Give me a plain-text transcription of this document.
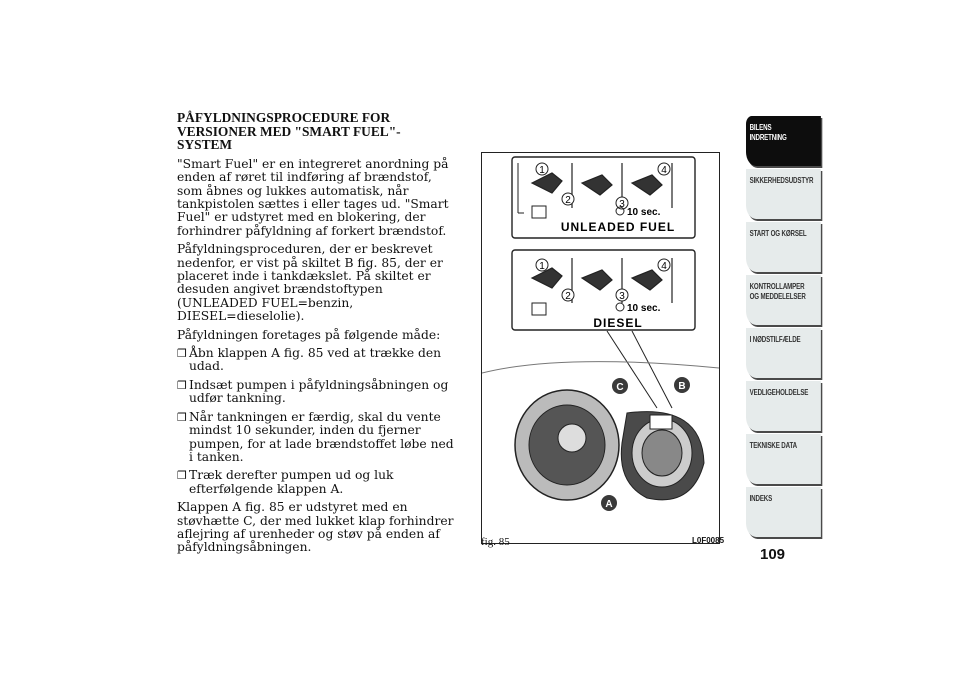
PÅFYLDNINGSPROCEDURE FOR
VERSIONER MED "SMART FUEL"-SYSTEM

"Smart Fuel" er en integreret anordning på enden af røret til indføring af brændstof, som åbnes og lukkes automatisk, når tankpistolen sættes i eller tages ud. "Smart Fuel" er udstyret med en blokering, der forhindrer påfyldning af forkert brændstof.

Påfyldningsproceduren, der er beskrevet nedenfor, er vist på skiltet B fig. 85, der er placeret inde i tankdækslet. På skiltet er desuden angivet brændstoftypen (UNLEADED FUEL=benzin, DIESEL=dieselolie).

Påfyldningen foretages på følgende måde:

❒ Åbn klappen A fig. 85 ved at trække den udad.
❒ Indsæt pumpen i påfyldningsåbningen og udfør tankning.
❒ Når tankningen er færdig, skal du vente mindst 10 sekunder, inden du fjerner pumpen, for at lade brændstoffet løbe ned i tanken.
❒ Træk derefter pumpen ud og luk efterfølgende klappen A.

Klappen A fig. 85 er udstyret med en støvhætte C, der med lukket klap forhindrer aflejring af urenheder og støv på enden af påfyldningsåbningen.

1
2	3
4
10 sec.
UNLEADED FUEL
1
2	3
4
10 sec.
DIESEL
C	B
A
fig. 85	L0F0085
BILENS
INDRETNING
SIKKERHEDSUDSTYR
START OG KØRSEL
KONTROLLAMPER
OG MEDDELELSER
I NØDSTILFÆLDE
VEDLIGEHOLDELSE
TEKNISKE DATA
INDEKS
109
